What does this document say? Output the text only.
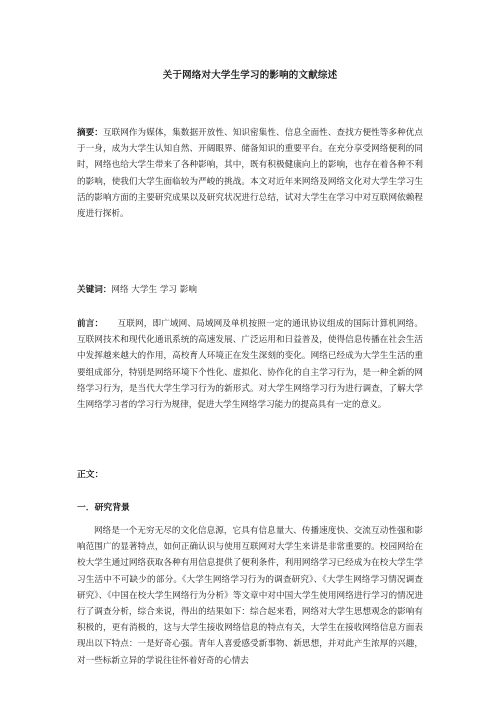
关于网络对大学生学习的影响的文献综述

摘要：互联网作为媒体，集数据开放性、知识密集性、信息全面性、查找方便性等多种优点于一身，成为大学生认知自然、开阔眼界、储备知识的重要平台。在充分享受网络便利的同时，网络也给大学生带来了各种影响，其中，既有积极健康向上的影响，也存在着各种不利的影响，使我们大学生面临较为严峻的挑战。本文对近年来网络及网络文化对大学生学习生活的影响方面的主要研究成果以及研究状况进行总结，试对大学生在学习中对互联网依赖程度进行探析。

关键词：网络 大学生 学习 影响

前言： 互联网，即广域网、局域网及单机按照一定的通讯协议组成的国际计算机网络。互联网技术和现代化通讯系统的高速发展、广泛运用和日益普及，使得信息传播在社会生活中发挥越来越大的作用，高校育人环境正在发生深刻的变化。网络已经成为大学生生活的重要组成部分，特别是网络环境下个性化、虚拟化、协作化的自主学习行为，是一种全新的网络学习行为，是当代大学生学习行为的新形式。对大学生网络学习行为进行调查，了解大学生网络学习者的学习行为规律，促进大学生网络学习能力的提高具有一定的意义。

正文：
一．研究背景

网络是一个无穷无尽的文化信息源，它具有信息量大、传播速度快、交流互动性强和影响范围广的显著特点，如何正确认识与使用互联网对大学生来讲是非常重要的。校园网给在校大学生通过网络获取各种有用信息提供了便利条件，利用网络学习已经成为在校大学生学习生活中不可缺少的部分。《大学生网络学习行为的调查研究》、《大学生网络学习情况调查研究》、《中国在校大学生网络行为分析》等文章中对中国大学生使用网络进行学习的情况进行了调查分析，综合来说，得出的结果如下：综合起来看，网络对大学生思想观念的影响有积极的，更有消极的，这与大学生接收网络信息的特点有关，大学生在接收网络信息方面表现出以下特点：一是好奇心强。青年人喜爱感受新事物、新思想，并对此产生浓厚的兴趣，对一些标新立异的学说往往怀着好奇的心情去
